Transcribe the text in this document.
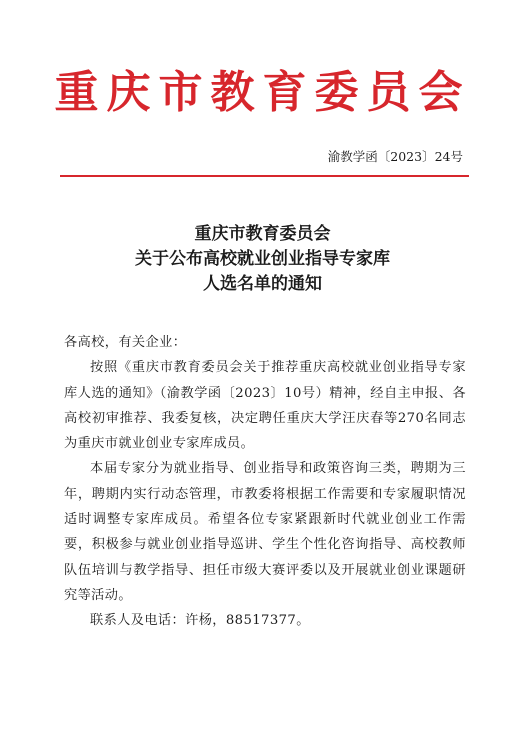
重庆市教育委员会
渝教学函〔2023〕24号
重庆市教育委员会
关于公布高校就业创业指导专家库
人选名单的通知

各高校，有关企业：

按照《重庆市教育委员会关于推荐重庆高校就业创业指导专家库人选的通知》（渝教学函〔2023〕10号）精神，经自主申报、各高校初审推荐、我委复核，决定聘任重庆大学汪庆春等270名同志为重庆市就业创业专家库成员。

本届专家分为就业指导、创业指导和政策咨询三类，聘期为三年，聘期内实行动态管理，市教委将根据工作需要和专家履职情况适时调整专家库成员。希望各位专家紧跟新时代就业创业工作需要，积极参与就业创业指导巡讲、学生个性化咨询指导、高校教师队伍培训与教学指导、担任市级大赛评委以及开展就业创业课题研究等活动。

联系人及电话：许杨，88517377。
